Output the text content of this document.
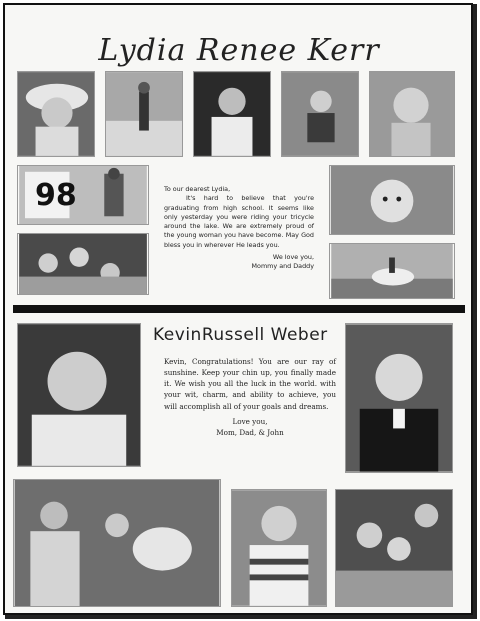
Lydia Renee Kerr
98	To our dearest Lydia,

It's hard to believe that you're graduating from high school. It seems like only yesterday you were riding your tricycle around the lake. We are extremely proud of the young woman you have become. May God bless you in wherever He leads you.

We love you,

Mommy and Daddy

KevinRussell Weber

Kevin, Congratulations! You are our ray of sunshine. Keep your chin up, you finally made it. We wish you all the luck in the world. with your wit, charm, and ability to achieve, you will accomplish all of your goals and dreams.

Love you,

Mom, Dad, & John
